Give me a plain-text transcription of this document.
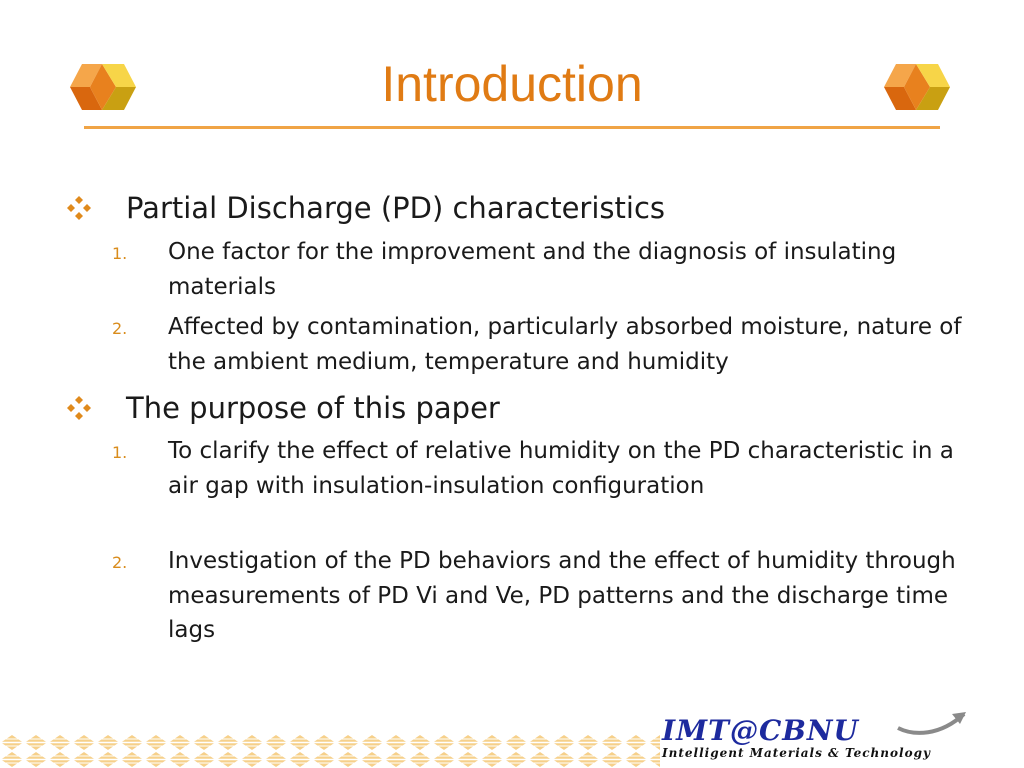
Introduction
Partial Discharge (PD) characteristics
1. One factor for the improvement and the diagnosis of insulating materials
2. Affected by contamination, particularly absorbed moisture, nature of the ambient medium, temperature and humidity
The purpose of this paper
1. To clarify the effect of relative humidity on the PD characteristic in a air gap with insulation-insulation configuration
2. Investigation of the PD behaviors and the effect of humidity through measurements of PD Vi and Ve, PD patterns and the discharge time lags
IMT@CBNU
Intelligent Materials & Technology
